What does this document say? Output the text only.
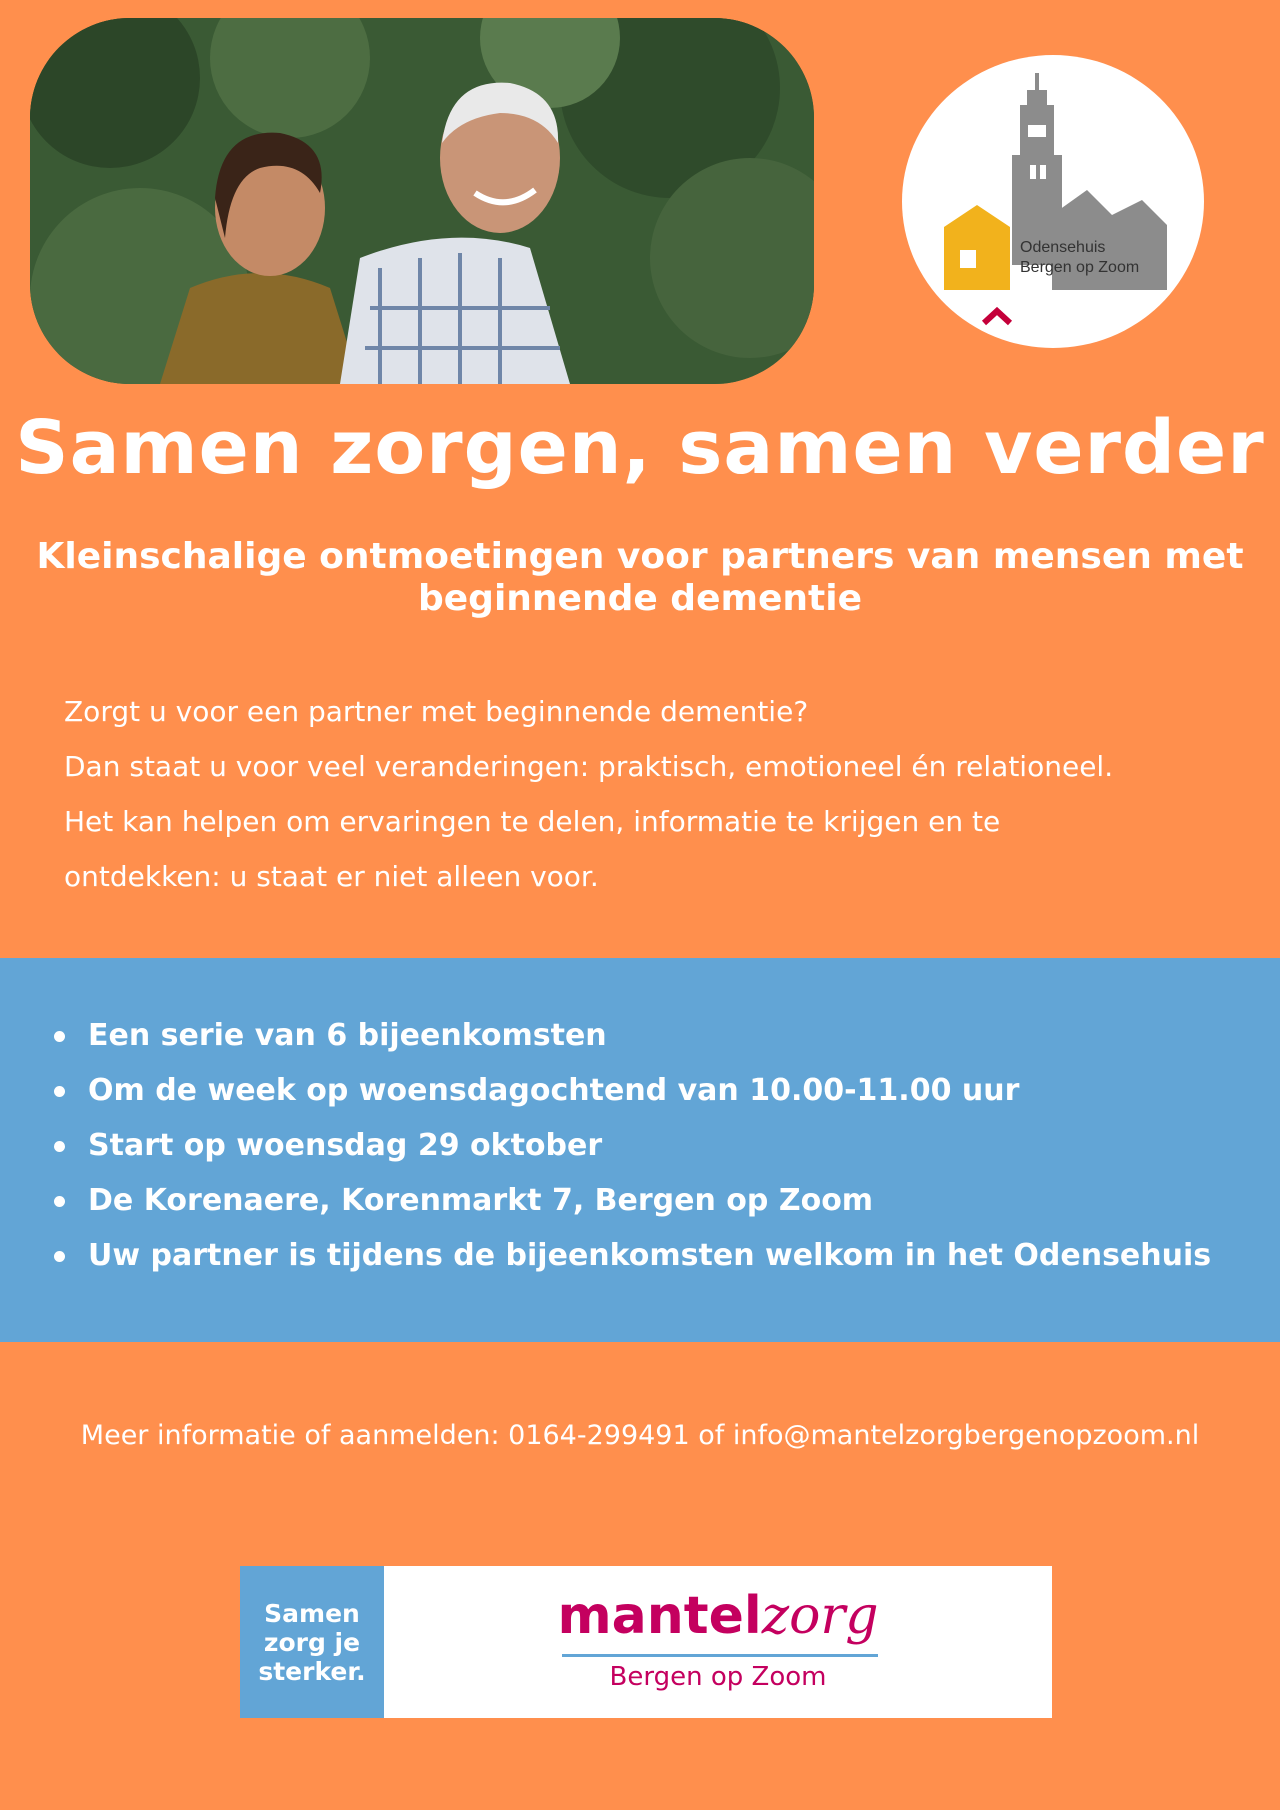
Odensehuis
Bergen op Zoom
Samen zorgen, samen verder
Kleinschalige ontmoetingen voor partners van mensen met beginnende dementie
Zorgt u voor een partner met beginnende dementie?
Dan staat u voor veel veranderingen: praktisch, emotioneel én relationeel.
Het kan helpen om ervaringen te delen, informatie te krijgen en te
ontdekken: u staat er niet alleen voor.
Een serie van 6 bijeenkomsten
Om de week op woensdagochtend van 10.00-11.00 uur
Start op woensdag 29 oktober
De Korenaere, Korenmarkt 7, Bergen op Zoom
Uw partner is tijdens de bijeenkomsten welkom in het Odensehuis
Meer informatie of aanmelden: 0164-299491 of info@mantelzorgbergenopzoom.nl
Samen
zorg je
sterker.
mantelzorg
Bergen op Zoom
